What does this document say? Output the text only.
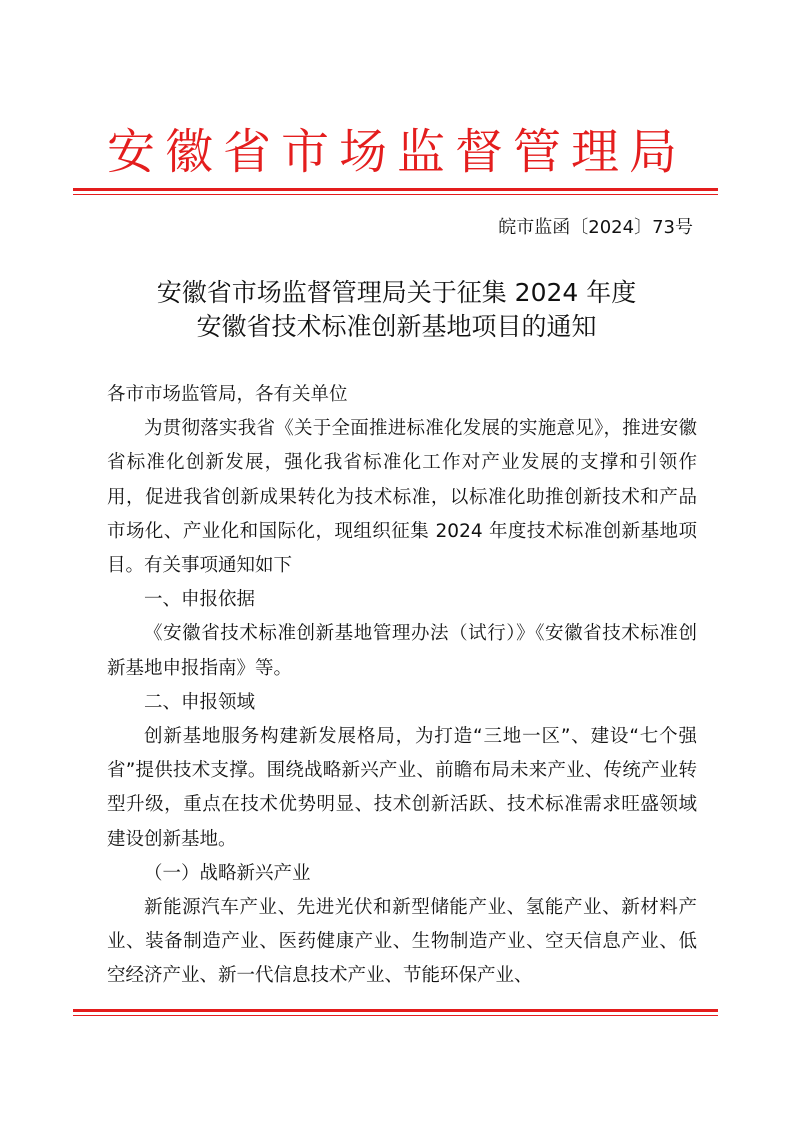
安徽省市场监督管理局
皖市监函〔2024〕73号
安徽省市场监督管理局关于征集 2024 年度
安徽省技术标准创新基地项目的通知

各市市场监管局，各有关单位

为贯彻落实我省《关于全面推进标准化发展的实施意见》，推进安徽省标准化创新发展，强化我省标准化工作对产业发展的支撑和引领作用，促进我省创新成果转化为技术标准，以标准化助推创新技术和产品市场化、产业化和国际化，现组织征集 2024 年度技术标准创新基地项目。有关事项通知如下

一、申报依据

《安徽省技术标准创新基地管理办法（试行）》《安徽省技术标准创新基地申报指南》等。

二、申报领域

创新基地服务构建新发展格局，为打造“三地一区”、建设“七个强省”提供技术支撑。围绕战略新兴产业、前瞻布局未来产业、传统产业转型升级，重点在技术优势明显、技术创新活跃、技术标准需求旺盛领域建设创新基地。

（一）战略新兴产业

新能源汽车产业、先进光伏和新型储能产业、氢能产业、新材料产业、装备制造产业、医药健康产业、生物制造产业、空天信息产业、低空经济产业、新一代信息技术产业、节能环保产业、
